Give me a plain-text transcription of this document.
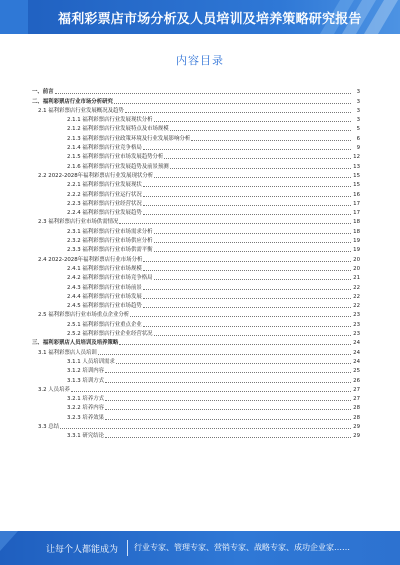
福利彩票店市场分析及人员培训及培养策略研究报告
内容目录
一、前言	3
二、福利彩票店行业市场分析研究	3
2.1 福利彩票店行业发展概况及趋势	3
2.1.1 福利彩票店行业发展现状分析	3
2.1.2 福利彩票店行业发展特点及市场规模	5
2.1.3 福利彩票店行业政策环境及行业发展影响分析	6
2.1.4 福利彩票店行业竞争格局	9
2.1.5 福利彩票店行业市场发展趋势分析	12
2.1.6 福利彩票店行业发展趋势及前景预测	13
2.2 2022-2028年福利彩票店行业发展现状分析	15
2.2.1 福利彩票店行业发展现状	15
2.2.2 福利彩票店行业运行状况	16
2.2.3 福利彩票店行业经营状况	17
2.2.4 福利彩票店行业发展趋势	17
2.3 福利彩票店行业市场供需情况	18
2.3.1 福利彩票店行业市场需求分析	18
2.3.2 福利彩票店行业市场供应分析	19
2.3.3 福利彩票店行业市场供需平衡	19
2.4 2022-2028年福利彩票店行业市场分析	20
2.4.1 福利彩票店行业市场规模	20
2.4.2 福利彩票店行业市场竞争格局	21
2.4.3 福利彩票店行业市场前景	22
2.4.4 福利彩票店行业市场发展	22
2.4.5 福利彩票店行业市场趋势	22
2.5 福利彩票店行业市场重点企业分析	23
2.5.1 福利彩票店行业重点企业	23
2.5.2 福利彩票店行业企业经营状况	23
三、福利彩票店人员培训及培养策略	24
3.1 福利彩票店人员培训	24
3.1.1 人员培训需求	24
3.1.2 培训内容	25
3.1.3 培训方式	26
3.2 人员培养	27
3.2.1 培养方式	27
3.2.2 培养内容	28
3.2.3 培养效果	28
3.3 总结	29
3.3.1 研究结论	29
让每个人都能成为 行业专家、管理专家、营销专家、战略专家、成功企业家……
